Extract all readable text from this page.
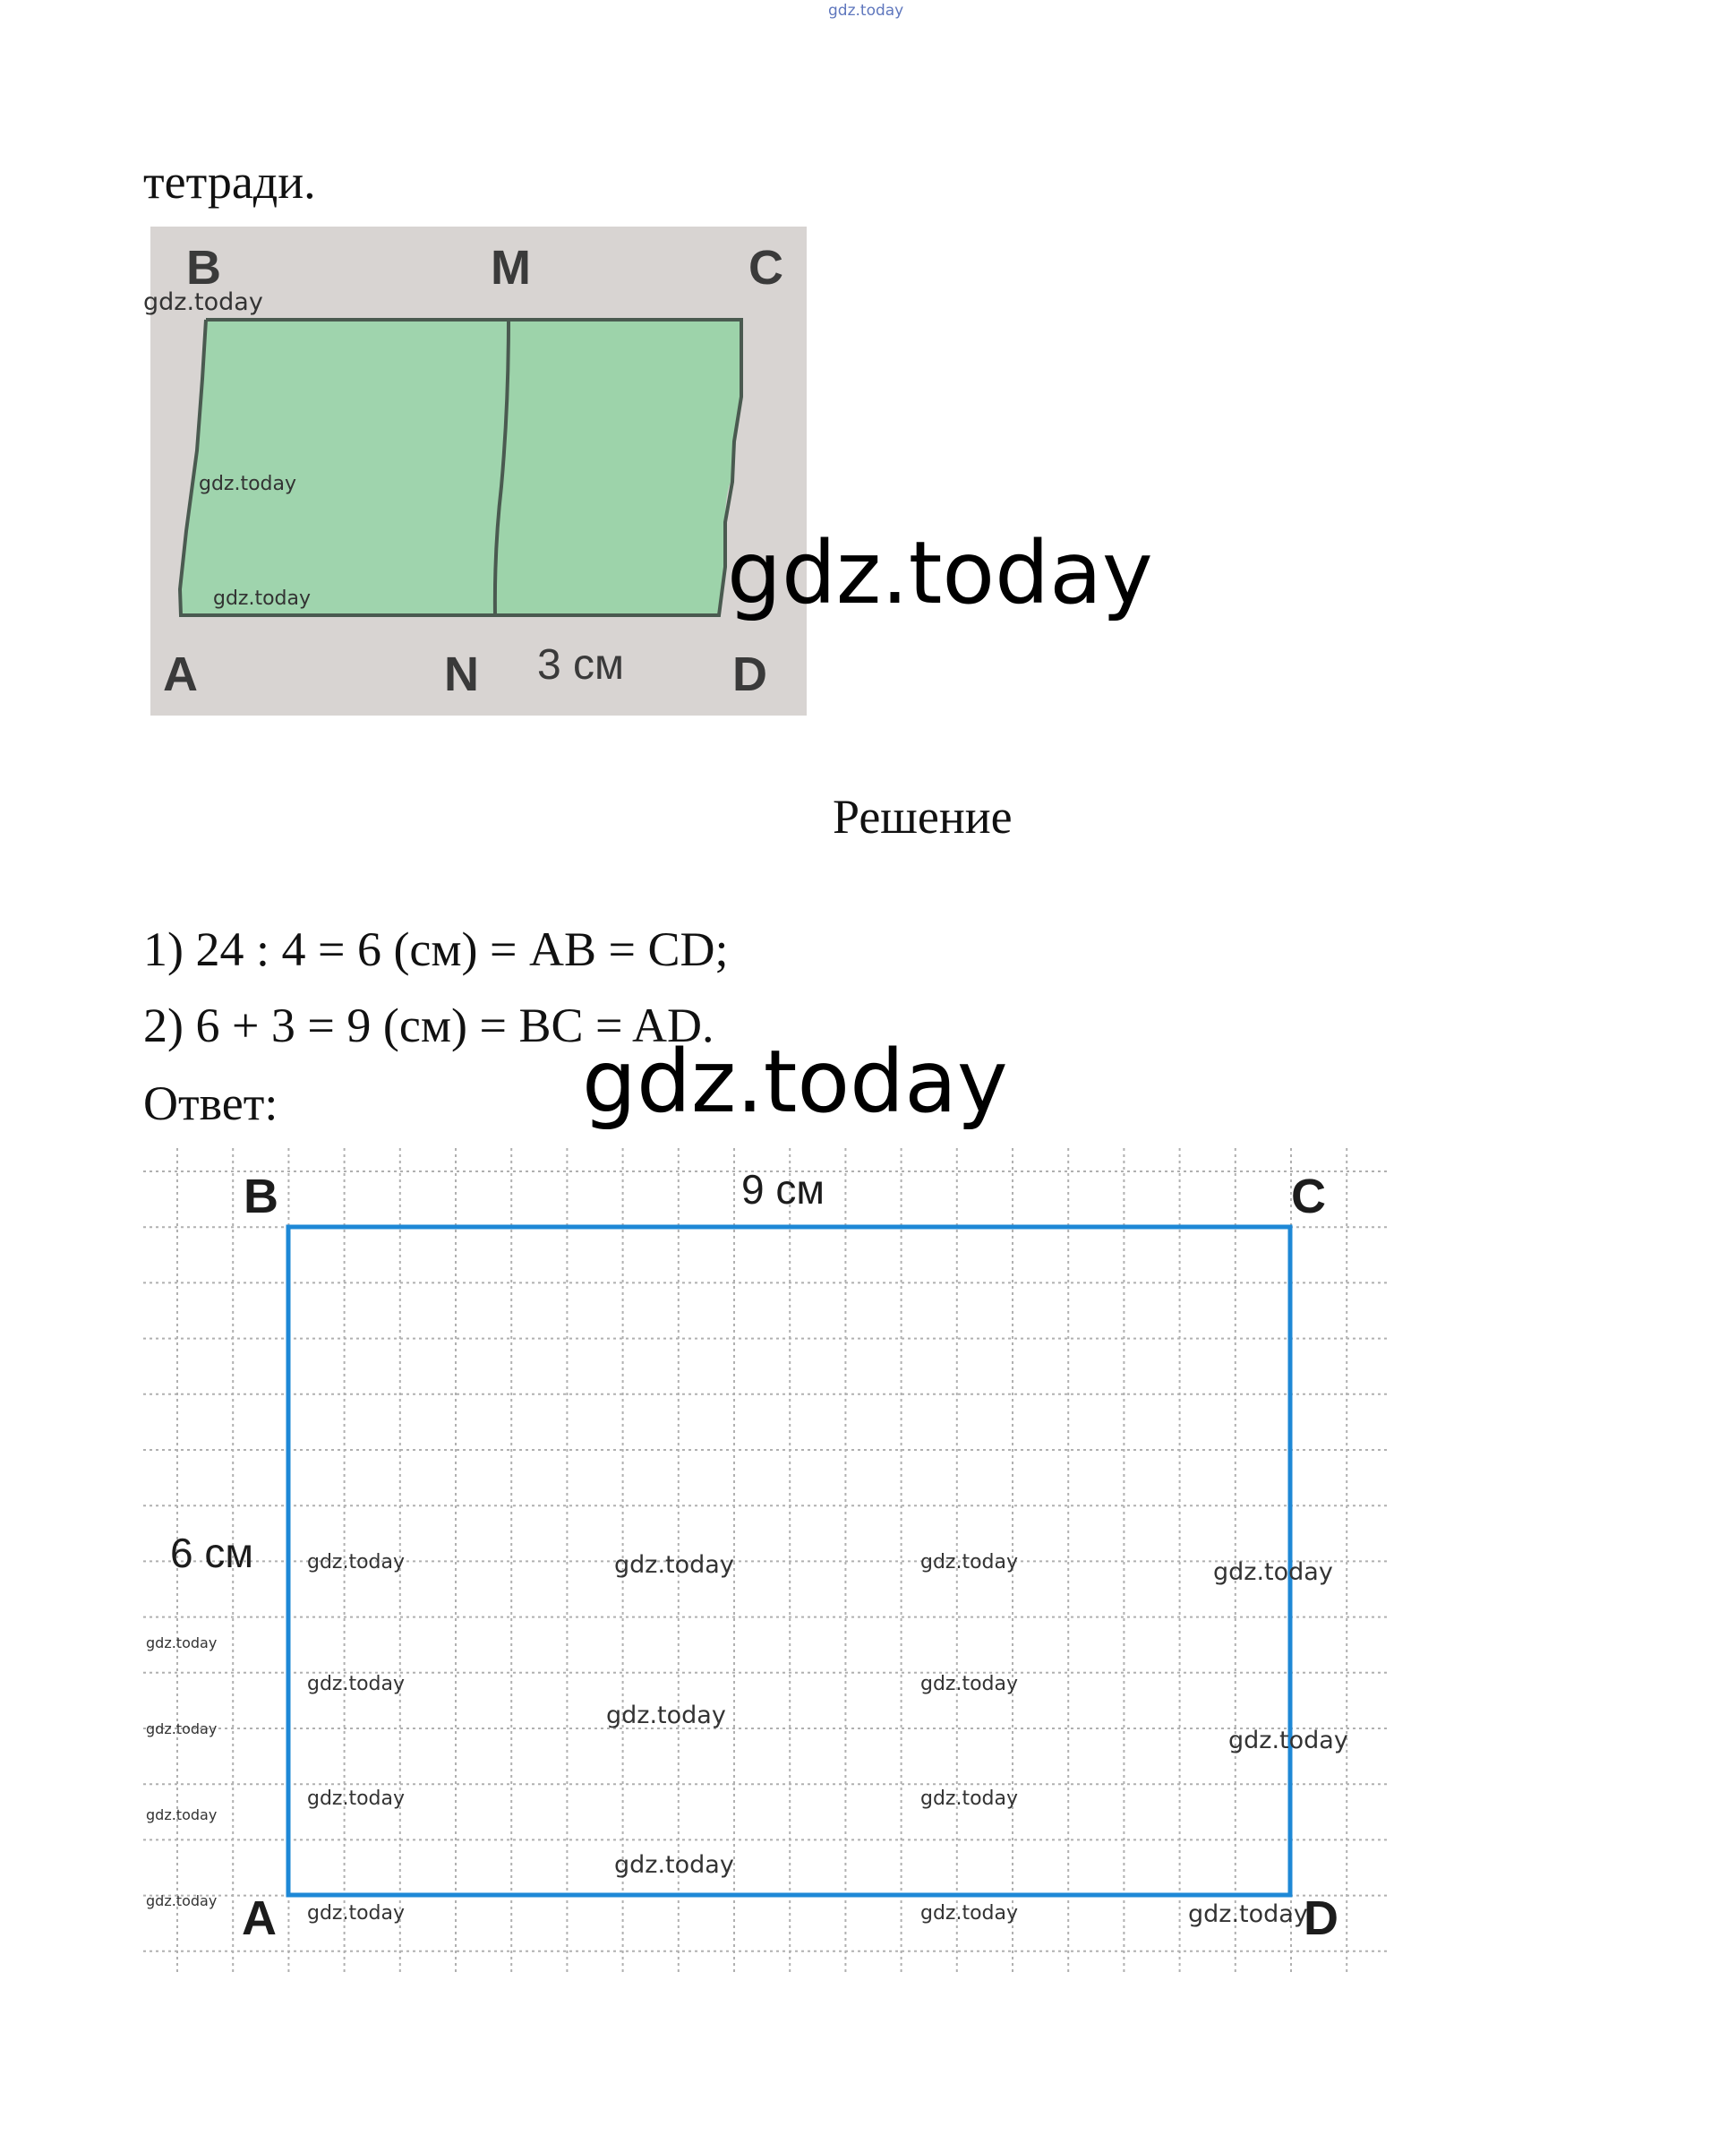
gdz.today
тетради.
B	M	C
A	N 3 см D
gdz.today
gdz.today
gdz.today	gdz.today
Решение
1) 24 : 4 = 6 (см) = AB = CD;
2) 6 + 3 = 9 (см) = BC = AD.
Ответ:	gdz.today
B	C
A	D
9 см
6 см	gdz.today	gdz.today	gdz.today	gdz.today
gdz.today
gdz.today
gdz.today
gdz.today
gdz.today
gdz.today
gdz.today	gdz.today
gdz.today
gdz.today
gdz.today
gdz.today	gdz.today	gdz.today
